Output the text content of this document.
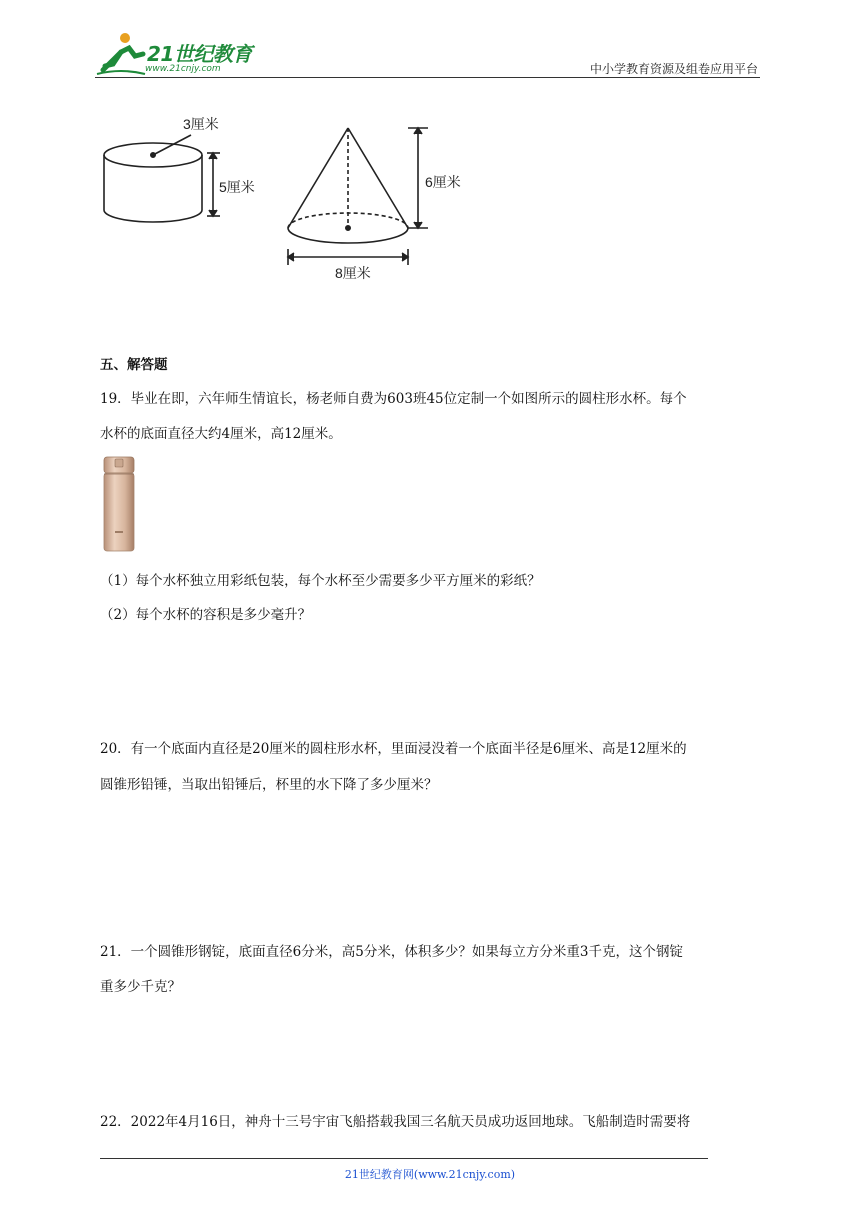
21世纪教育
www.21cnjy.com	中小学教育资源及组卷应用平台
3厘米
5厘米	6厘米
8厘米
五、解答题
19．毕业在即，六年师生情谊长，杨老师自费为603班45位定制一个如图所示的圆柱形水杯。每个
水杯的底面直径大约4厘米，高12厘米。
（1）每个水杯独立用彩纸包装，每个水杯至少需要多少平方厘米的彩纸？
（2）每个水杯的容积是多少毫升？
20．有一个底面内直径是20厘米的圆柱形水杯，里面浸没着一个底面半径是6厘米、高是12厘米的
圆锥形铅锤，当取出铅锤后，杯里的水下降了多少厘米？
21．一个圆锥形钢锭，底面直径6分米，高5分米，体积多少？如果每立方分米重3千克，这个钢锭
重多少千克？
22．2022年4月16日，神舟十三号宇宙飞船搭载我国三名航天员成功返回地球。飞船制造时需要将
21世纪教育网(www.21cnjy.com)
